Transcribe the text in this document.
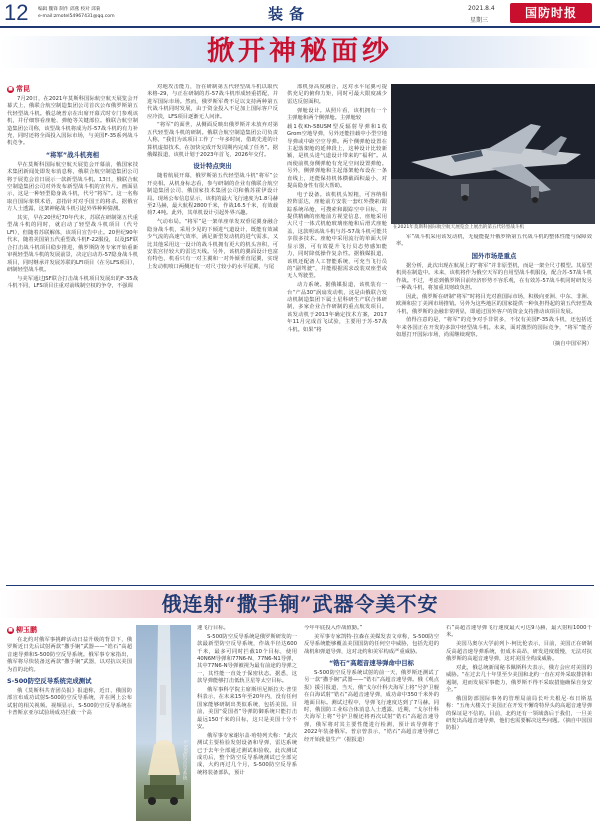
12 编辑 魏锋 制作 邱燕 校对 邱菊
e-mail:zmotel54967431@qq.com	装备	2021.8.4
星期三
国防时报
掀开神秘面纱
■ 常昆

7月20日，在2021年莫斯科国际航空航天展览会开幕式上，俄联合航空制造集团公司首次公布俄罗斯第五代轻型战斗机。俄总统普京在出席开幕式时专门参观该机，并仔细察看座舱、弹舱等关键部位。俄联合航空制造集团公司称，该型战斗机将成为苏-57战斗机的有力补充，同时还将全面投入国际市场，与美国F-35系列战斗机竞争。

“将军”战斗机亮相

早在莫斯科国际航空航天展览会开幕前，俄国家技术集团新闻处即发布消息称，俄联合航空制造集团公司将于展览会首日展示一款新型战斗机。13日，俄联合航空制造集团公司对外发布新型战斗机的宣传片。画面显示，这是一种轻型隐身战斗机，代号“将军”。这一名称取自国际象棋术语，意指针对对手国王的将杀。据俄官方人士透露，这架神秘战斗机引起外界种种猜测。

其实，早在20世纪70年代末，苏联在研制第五代重型战斗机的同时，就启动了轻型战斗机项目（代号LFI），但随着苏联解体，该项目宣告中止。20世纪90年代末，随着美国第五代重型战斗机F-22服役，以及JSF联合打击战斗机项目稳步推进，俄罗斯防务专家开始重新审视轻型战斗机的发展前景，决定启动苏-57隐身战斗机项目，同时继承并发展苏联的LFI项目（在另LFS项目），研制轻型战斗机。

与美军通过JSF联合打击战斗机项目发展出的F-35战斗机不同，LFS项目注重对前线制空权的争夺，不强调

对地攻击能力，旨在研制第五代轻型战斗机以取代米格-29，与正在研制的苏-57战斗机形成轻重搭配，并进军国际市场。然而，俄罗斯军费不足以支持两种第五代战斗机同时发展，由于资金投入不足加上国际客户反应冷淡，LFS项目逐渐无人问津。

“将军”的面世，从侧面反映出俄罗斯并未放弃对第五代轻型战斗机的研制。俄联合航空制造集团公司负责人称，“我们为该项目工作了一年多时间，借助先进的计算机虚拟技术，在加快完成开发周期内完成了任务”。据俄媒报道，该机计划于2023年首飞，2026年交付。

设计特点突出

随着航展开幕，俄罗斯第五代轻型战斗机“将军”公开亮相。从机身标志看，参与研制的企业有俄联合航空制造集团公司、俄国家技术集团公司和俄苏霍伊设计局。现场公布信息显示，该机的最大飞行速度为1.8马赫至2马赫，最大航程2800千米，作战16.5千米，有效载荷7.4吨。此外，其单机设计引起外界兴趣。

气动布局。“将军”是一架单座单发双垂尾翼身融合隐身战斗机，采用少见的下倾进气道设计，既能有效减少气流的高速气效率，满足新型发动机的进气需求，又比其他采用这一设计的战斗机拥有更大的机头容积，可安装宫径较大的雷达天线。另外，该机的翼面设计也富有特色，机看只有一对主翼和一对外倾垂直尾翼，实现上发动机喷口两侧还有一对尺寸较小的水平尾翼，与尾

部机身高度融合，这对水平尾翼可提供充足的俯仰力矩，同时可最大限度减少雷达反射面积。

弹舱设计。从照片看，该机拥有一个主弹舱和两个侧弹舱。主弹舱较

载1枚Kh-58USM型反辐射导弹和1枚Grom空地导弹，另外还能挂载中小型空地导弹或中距空空导弹。两个侧弹舱设置在主起落架舱的延伸段上，这种设计比较新颖，是机头进气道设计带来的“福利”。从而使前机身侧弹舱有充足空间设置弹舱。另外，侧弹弹舱和主起落架舱布设在一条直线上，还能保持机体横截面积最小，对提高隐身性有很大帮助。

电子设备。该机机头短粗，可容纳相控阵雷达，座舱前方安装一套红外搜索/跟踪系统吊舱，可搜索和跟踪空中目标，并提供精确的座舱前方视觉信息，座舱采用大尺寸一体式机舱玻璃座舱和后滑式座舱盖，这款明该战斗机与苏-57战斗机可能共享很多技术。座舱中采用流行的单面大屏显示器，可有效提升飞行员态势感知能力，同时降低操作复杂性。据俄媒报道，该机还配备人工智能系统，可充当飞行员的“副驾驶”，并能根据需求改装双座型或无人驾驶型。

动力系统。据俄媒报道，该机装有一台“产品30”涡扇发动机，这是由俄联合发动机制造集团下属土星科研生产联合体研制，多家企业合作研制的重点航发项目。该发动机于2013年确定技术方案，2017年11月完成首飞试验，主要用于苏-57战斗机。如果“将

在2021年莫斯科国际航空航天展览会上展出的第五代轻型战斗机

军”战斗机采用该发动机，无疑能提升俄罗斯第五代战斗机的整体性能与保障效率。

国外市场是重点

据分析，此次出现在航展上的“将军”并非原型机，而是一架全尺寸模型。其原型机尚在制造中。未来，该机将作为俄空天军的自用型战斗机服役，配合苏-57战斗机作战。不过，考虑到俄罗斯目前经济形势不容乐观，在有效苏-57战斗机同时研发另一种战斗机，将加重其财政负担。

因此，俄罗斯在研制“将军”时将目光对准国际市场，积极向亚洲、中东、非洲、欧洲和拉丁美洲市场推销。另外为这些地区的国家提供一种负担得起的第五代轻型战斗机，俄罗斯的金融非常明显，即通过国外客户的资金支持推动该项目发展。

值得注意的是，“将军”的竞争对手非常多，不仅有美国F-35战斗机，还包括近年来各国正在开发的多款中轻型战斗机。未来，面对激烈的国际竞争，“将军”能否如愿打开国际市场，尚需继续观察。

（摘自中国军网）

俄连射“撒手锏”武器令美不安
■ 柳玉鹏

在北约对俄军事挑衅活动日益升级的背景下，俄罗斯近日先后试射两款“撒手锏”武器——“锆石”高超音速导弹和S-500防空反导系统。俄军事专家指出，俄军将尽快装备这两款“撒手锏”武器，以对抗以美国为首的北约。

S-500防空反导系统完成测试

俄《莫斯科共青团员报》报道称，近日，俄国防部宣布成功试射S-500防空反导系统，并在网上公布试射的相关视频。视频显示，S-500防空反导系统在卡普斯京亚尔试验场成功拦截一个高

S-500防空反导系统

速飞行目标。

S-500防空反导系统是俄罗斯研发的一款最新型防空反导系统，作战半径达600千米，最多可同时拦截10个目标，使用40N6M导弹和77N6-N、77N6-N1导弹，其中77N6-N导弹被视为最有前途的导弹之一，其性能一直处于保密状态。据悉，这款导弹能够打击低轨卫星等太空目标。

俄军事科学院主席斯坦尼斯拉夫·普里科表示，在未来15年至20年内，没有任何国家能够研制出类似系统，包括美国。目前，美国“爱国者”导弹防御系统只能打击最远150千米的目标，这只是美国十分不安。

俄军事专家谢尔盖·哈特列夫称：“此次测试主要检验发射设备和导弹，雷达系统已于去年全部通过测试和验收。此次测试成功后，整个防空反导系统测试已全部完成，大约再过几个月，S-500防空反导系统将装备部队，预计

今年年底投入作战值勤。”

美军事专家凯特·拉森在美媒发表文章称，S-500防空反导系统能够覆盖美国国防的任何空中威胁，包括先进的战机和弹道导弹，这对北约和美军构成严重威胁。

“锆石”高超音速导弹命中目标

S-500防空反导系统试射的前一天，俄罗斯还测试了另一款“撒手锏”武器——“锆石”高超音速导弹。俄《观点报》援引报道，当天，俄“戈尔什科夫海军上将”号护卫舰在白海试射“锆石”高超音速导弹，成功命中350千米外的地面目标。测试过程中，导弹飞行速度达到了7马赫。同时，俄国防工业综合体消息人士透露，近期，“戈尔什科夫海军上将”号护卫舰还将再次试射“锆石”高超音速导弹，俄军将对其主要性能进行检测，预计该导弹将于2022年装备俄军。普京曾表示，“锆石”高超音速导弹已经开始批量生产（据报道）

石”高超音速导弹飞行速度最大可达9马赫，最大射程1000千米。

美国马奥尔大学前列卜·柯比伦表示，目前，美国正在研制反高超音速导弹系统，但成本高昂，研发进度缓慢，无法对抗俄罗斯的高超音速导弹，这对美国全构成威胁。

对此，俄总统新闻秘书佩斯科夫表示，俄方会应对美国的威胁。“在过去几十年里至少美国和北约一直在对外采取排挤和遏制，进而发展军事能力，俄罗斯不得不采取措施确保自身安全。”

俄国防部国际事务的管理局前局长叶夫根尼·布日斯基称：“五角大楼关于美国正在开发不懈奇特异头的高超音速导弹的保证是不信的。目前，北约还有一领域落后于我们，一旦美研发出高超音速导弹，他们也需要解决这些问题。（摘自中国国防报）
